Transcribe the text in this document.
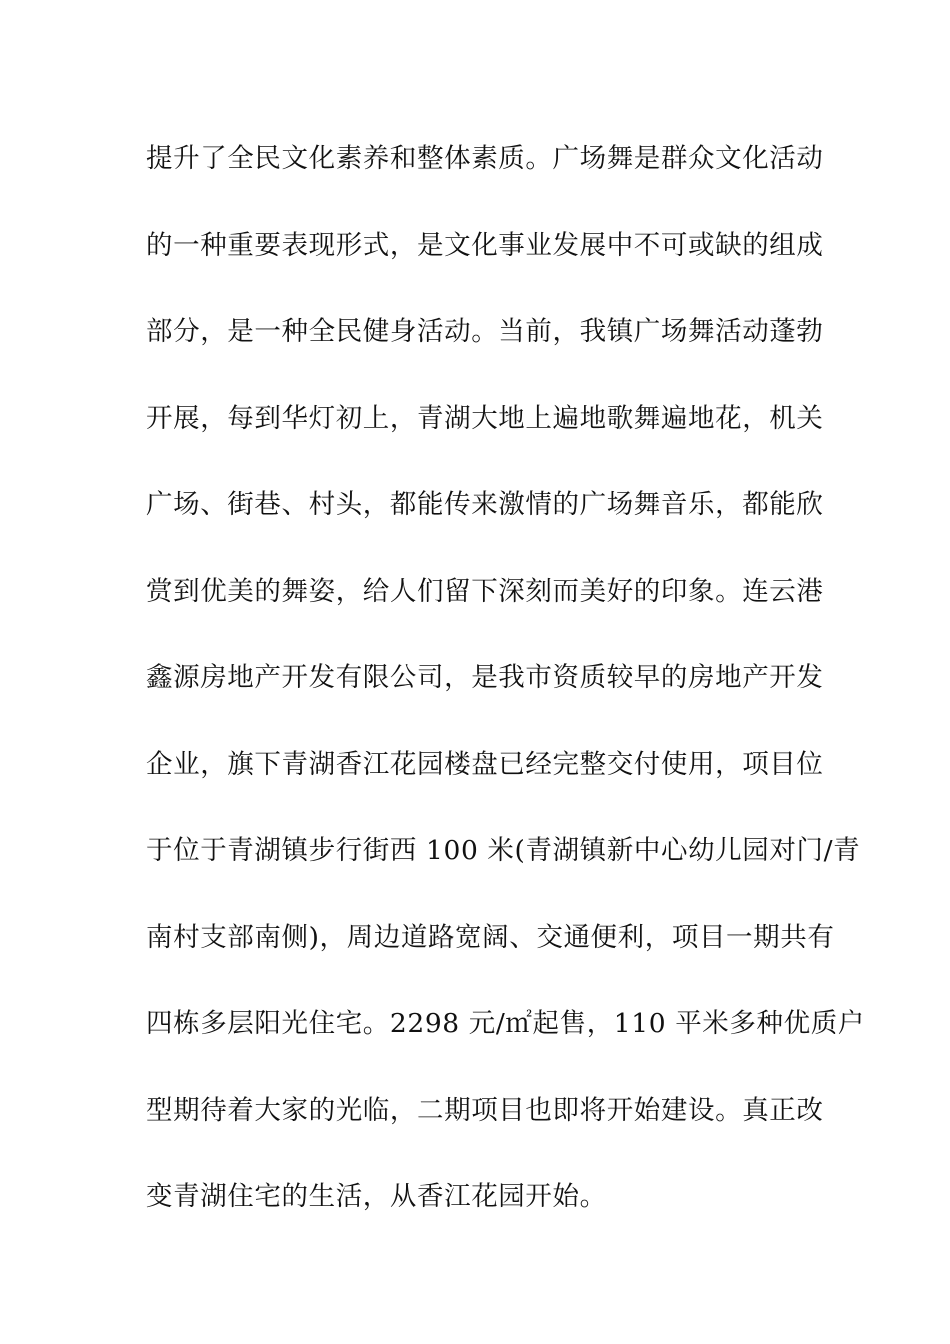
提升了全民文化素养和整体素质。广场舞是群众文化活动
的一种重要表现形式，是文化事业发展中不可或缺的组成
部分，是一种全民健身活动。当前，我镇广场舞活动蓬勃
开展，每到华灯初上，青湖大地上遍地歌舞遍地花，机关
广场、街巷、村头，都能传来激情的广场舞音乐，都能欣
赏到优美的舞姿，给人们留下深刻而美好的印象。连云港
鑫源房地产开发有限公司，是我市资质较早的房地产开发
企业，旗下青湖香江花园楼盘已经完整交付使用，项目位
于位于青湖镇步行街西 100 米(青湖镇新中心幼儿园对门/青
南村支部南侧)，周边道路宽阔、交通便利，项目一期共有
四栋多层阳光住宅。2298 元/㎡起售，110 平米多种优质户
型期待着大家的光临，二期项目也即将开始建设。真正改
变青湖住宅的生活，从香江花园开始。
